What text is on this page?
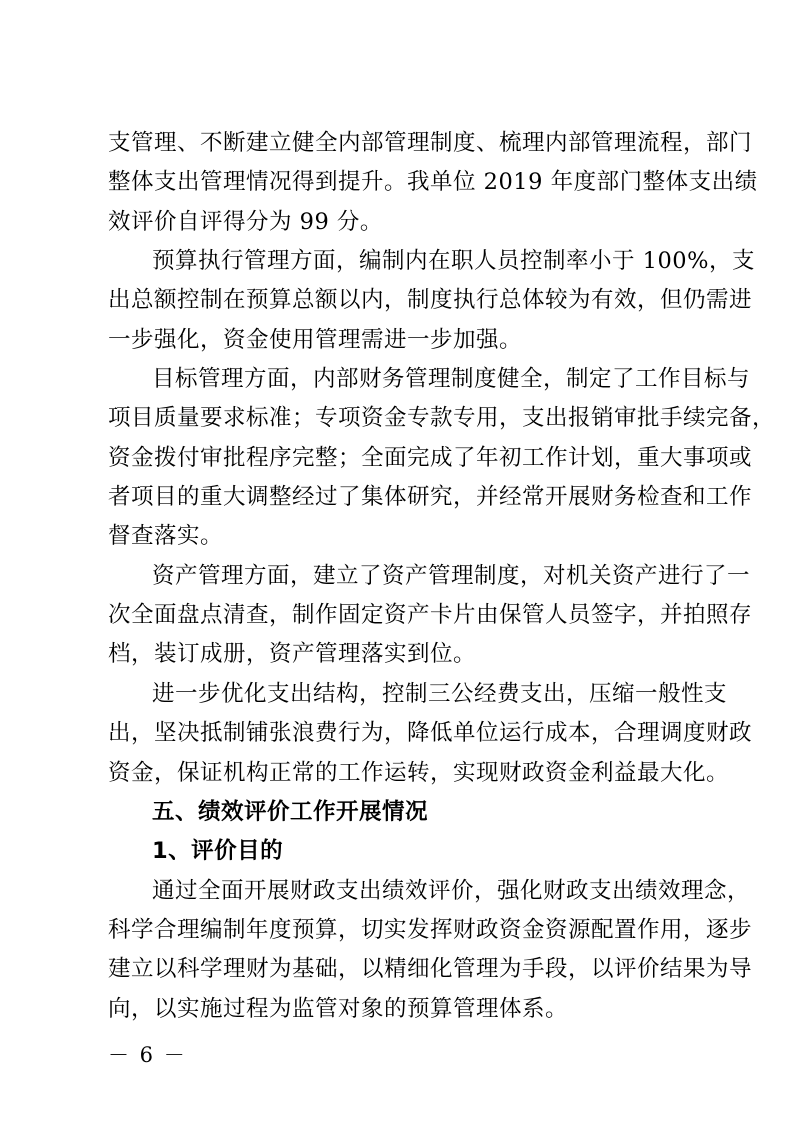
支管理、不断建立健全内部管理制度、梳理内部管理流程，部门
整体支出管理情况得到提升。我单位 2019 年度部门整体支出绩
效评价自评得分为 99 分。
预算执行管理方面，编制内在职人员控制率小于 100%，支
出总额控制在预算总额以内，制度执行总体较为有效，但仍需进
一步强化，资金使用管理需进一步加强。
目标管理方面，内部财务管理制度健全，制定了工作目标与
项目质量要求标准；专项资金专款专用，支出报销审批手续完备，
资金拨付审批程序完整；全面完成了年初工作计划，重大事项或
者项目的重大调整经过了集体研究，并经常开展财务检查和工作
督查落实。
资产管理方面，建立了资产管理制度，对机关资产进行了一
次全面盘点清查，制作固定资产卡片由保管人员签字，并拍照存
档，装订成册，资产管理落实到位。
进一步优化支出结构，控制三公经费支出，压缩一般性支
出，坚决抵制铺张浪费行为，降低单位运行成本，合理调度财政
资金，保证机构正常的工作运转，实现财政资金利益最大化。
五、绩效评价工作开展情况
1、评价目的
通过全面开展财政支出绩效评价，强化财政支出绩效理念，
科学合理编制年度预算，切实发挥财政资金资源配置作用，逐步
建立以科学理财为基础，以精细化管理为手段，以评价结果为导
向，以实施过程为监管对象的预算管理体系。
－ 6 －
